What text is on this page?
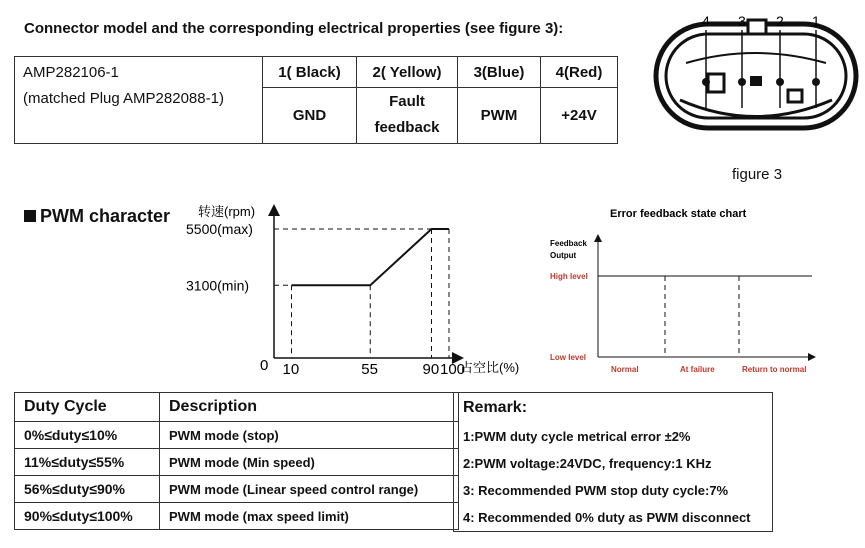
Connector model and the corresponding electrical properties (see figure 3):
AMP282106-1	1( Black)	2( Yellow)	3(Blue)	4(Red)
(matched Plug AMP282088-1)	GND	Fault feedback	PWM	+24V
4 3 2 1
figure 3
PWM character 转速(rpm)
占空比(%)
0
5500(max)
3100(min)
10	55	90 100
Error feedback state chart
Feedback
Output
High level
Low level
Normal	At failure	Return to normal
Duty Cycle	Description
0%≤duty≤10%	PWM mode (stop)
11%≤duty≤55%	PWM mode (Min speed)
56%≤duty≤90%	PWM mode (Linear speed control range)
90%≤duty≤100%	PWM mode (max speed limit)
Remark:
1:PWM duty cycle metrical error ±2%
2:PWM voltage:24VDC, frequency:1 KHz
3: Recommended PWM stop duty cycle:7%
4: Recommended 0% duty as PWM disconnect
